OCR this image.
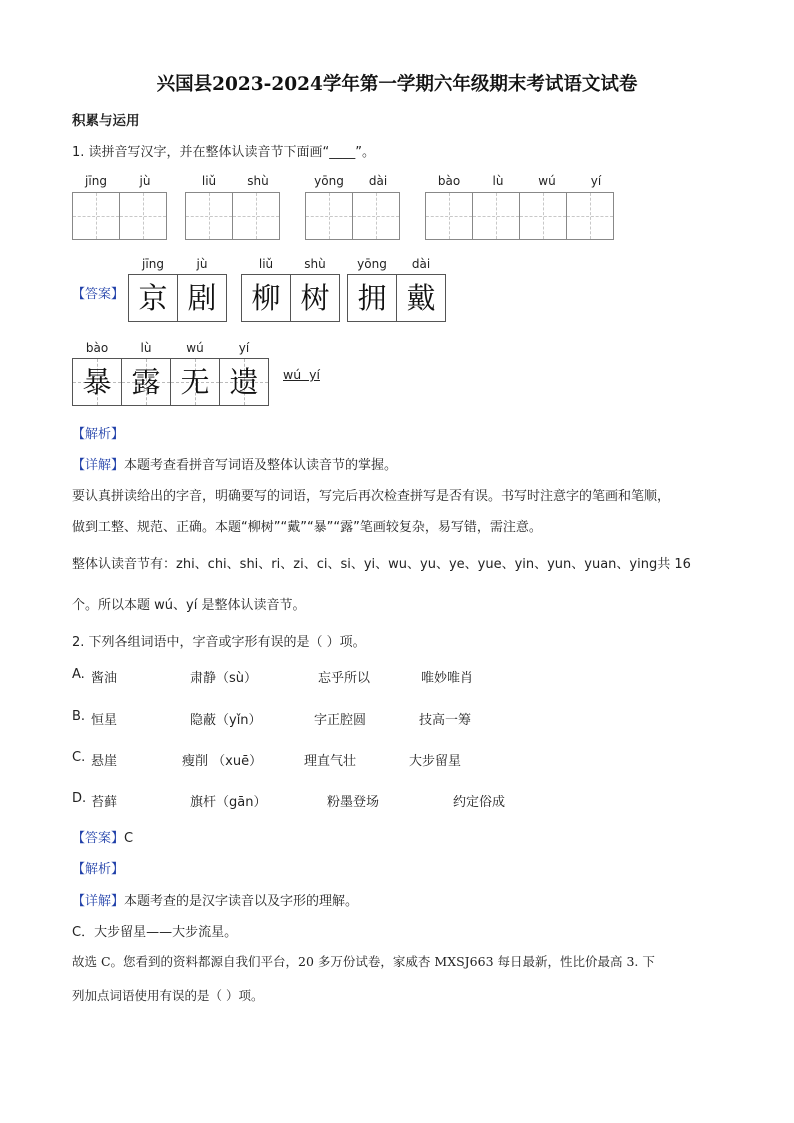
兴国县2023-2024学年第一学期六年级期末考试语文试卷
积累与运用
1. 读拼音写汉字，并在整体认读音节下面画“____”。
jīng	jù	liǔ	shù	yōng	dài	bào	lù	wú	yí
【答案】
jīng	jù
京 剧
liǔ	shù
柳 树
yōng	dài
拥 戴
bào	lù	wú	yí
暴 露 无 遗	wú  yí
【解析】
【详解】本题考查看拼音写词语及整体认读音节的掌握。
要认真拼读给出的字音，明确要写的词语，写完后再次检查拼写是否有误。书写时注意字的笔画和笔顺，
做到工整、规范、正确。本题“柳树”“戴”“暴”“露”笔画较复杂，易写错，需注意。
整体认读音节有：zhi、chi、shi、ri、zi、ci、si、yi、wu、yu、ye、yue、yin、yun、yuan、ying共 16
个。所以本题 wú、yí 是整体认读音节。
2. 下列各组词语中，字音或字形有误的是（ ）项。
A. 酱油	肃静（sù）	忘乎所以	唯妙唯肖
B. 恒星	隐蔽（yǐn）	字正腔圆	技高一筹
C. 悬崖	瘦削 （xuē）	理直气壮	大步留星
D. 苔藓	旗杆（gān）	粉墨登场	约定俗成
【答案】C
【解析】
【详解】本题考查的是汉字读音以及字形的理解。
C．大步留星——大步流星。
故选 C。您看到的资料都源自我们平台，20 多万份试卷，家威杏 MXSJ663 每日最新，性比价最高 3. 下
列加点词语使用有误的是（ ）项。
